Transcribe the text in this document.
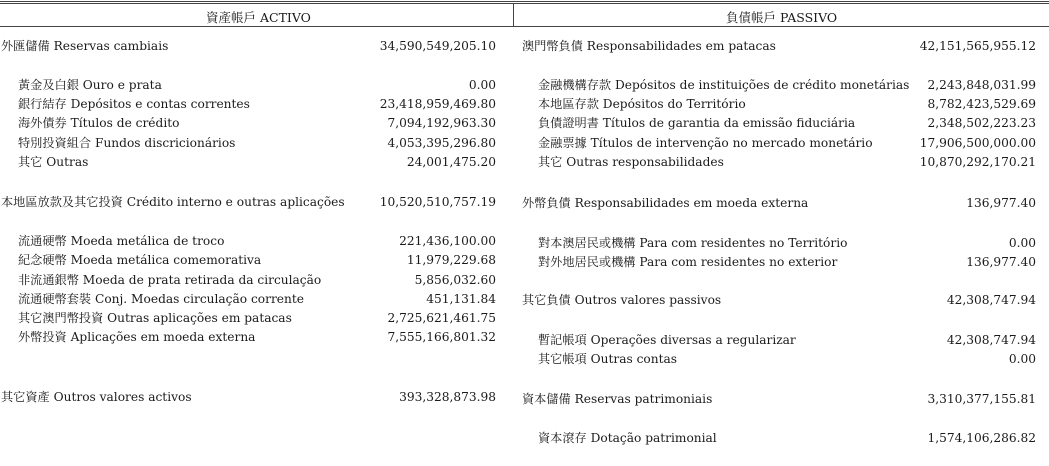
資產帳戶 ACTIVO	負債帳戶 PASSIVO
外匯儲備 Reservas cambiais	34,590,549,205.10
黃金及白銀 Ouro e prata	0.00
銀行結存 Depósitos e contas correntes	23,418,959,469.80
海外債券 Títulos de crédito	7,094,192,963.30
特別投資組合 Fundos discricionários	4,053,395,296.80
其它 Outras	24,001,475.20
本地區放款及其它投資 Crédito interno e outras aplicações	10,520,510,757.19
流通硬幣 Moeda metálica de troco	221,436,100.00
紀念硬幣 Moeda metálica comemorativa	11,979,229.68
非流通銀幣 Moeda de prata retirada da circulação	5,856,032.60
流通硬幣套裝 Conj. Moedas circulação corrente	451,131.84
其它澳門幣投資 Outras aplicações em patacas	2,725,621,461.75
外幣投資 Aplicações em moeda externa	7,555,166,801.32
其它資產 Outros valores activos	393,328,873.98
澳門幣負債 Responsabilidades em patacas	42,151,565,955.12
金融機構存款 Depósitos de instituições de crédito monetárias 2,243,848,031.99
本地區存款 Depósitos do Território	8,782,423,529.69
負債證明書 Títulos de garantia da emissão fiduciária	2,348,502,223.23
金融票據 Títulos de intervenção no mercado monetário	17,906,500,000.00
其它 Outras responsabilidades	10,870,292,170.21
外幣負債 Responsabilidades em moeda externa	136,977.40
對本澳居民或機構 Para com residentes no Território	0.00
對外地居民或機構 Para com residentes no exterior	136,977.40
其它負債 Outros valores passivos	42,308,747.94
暫記帳項 Operações diversas a regularizar	42,308,747.94
其它帳項 Outras contas	0.00
資本儲備 Reservas patrimoniais	3,310,377,155.81
資本滾存 Dotação patrimonial	1,574,106,286.82
